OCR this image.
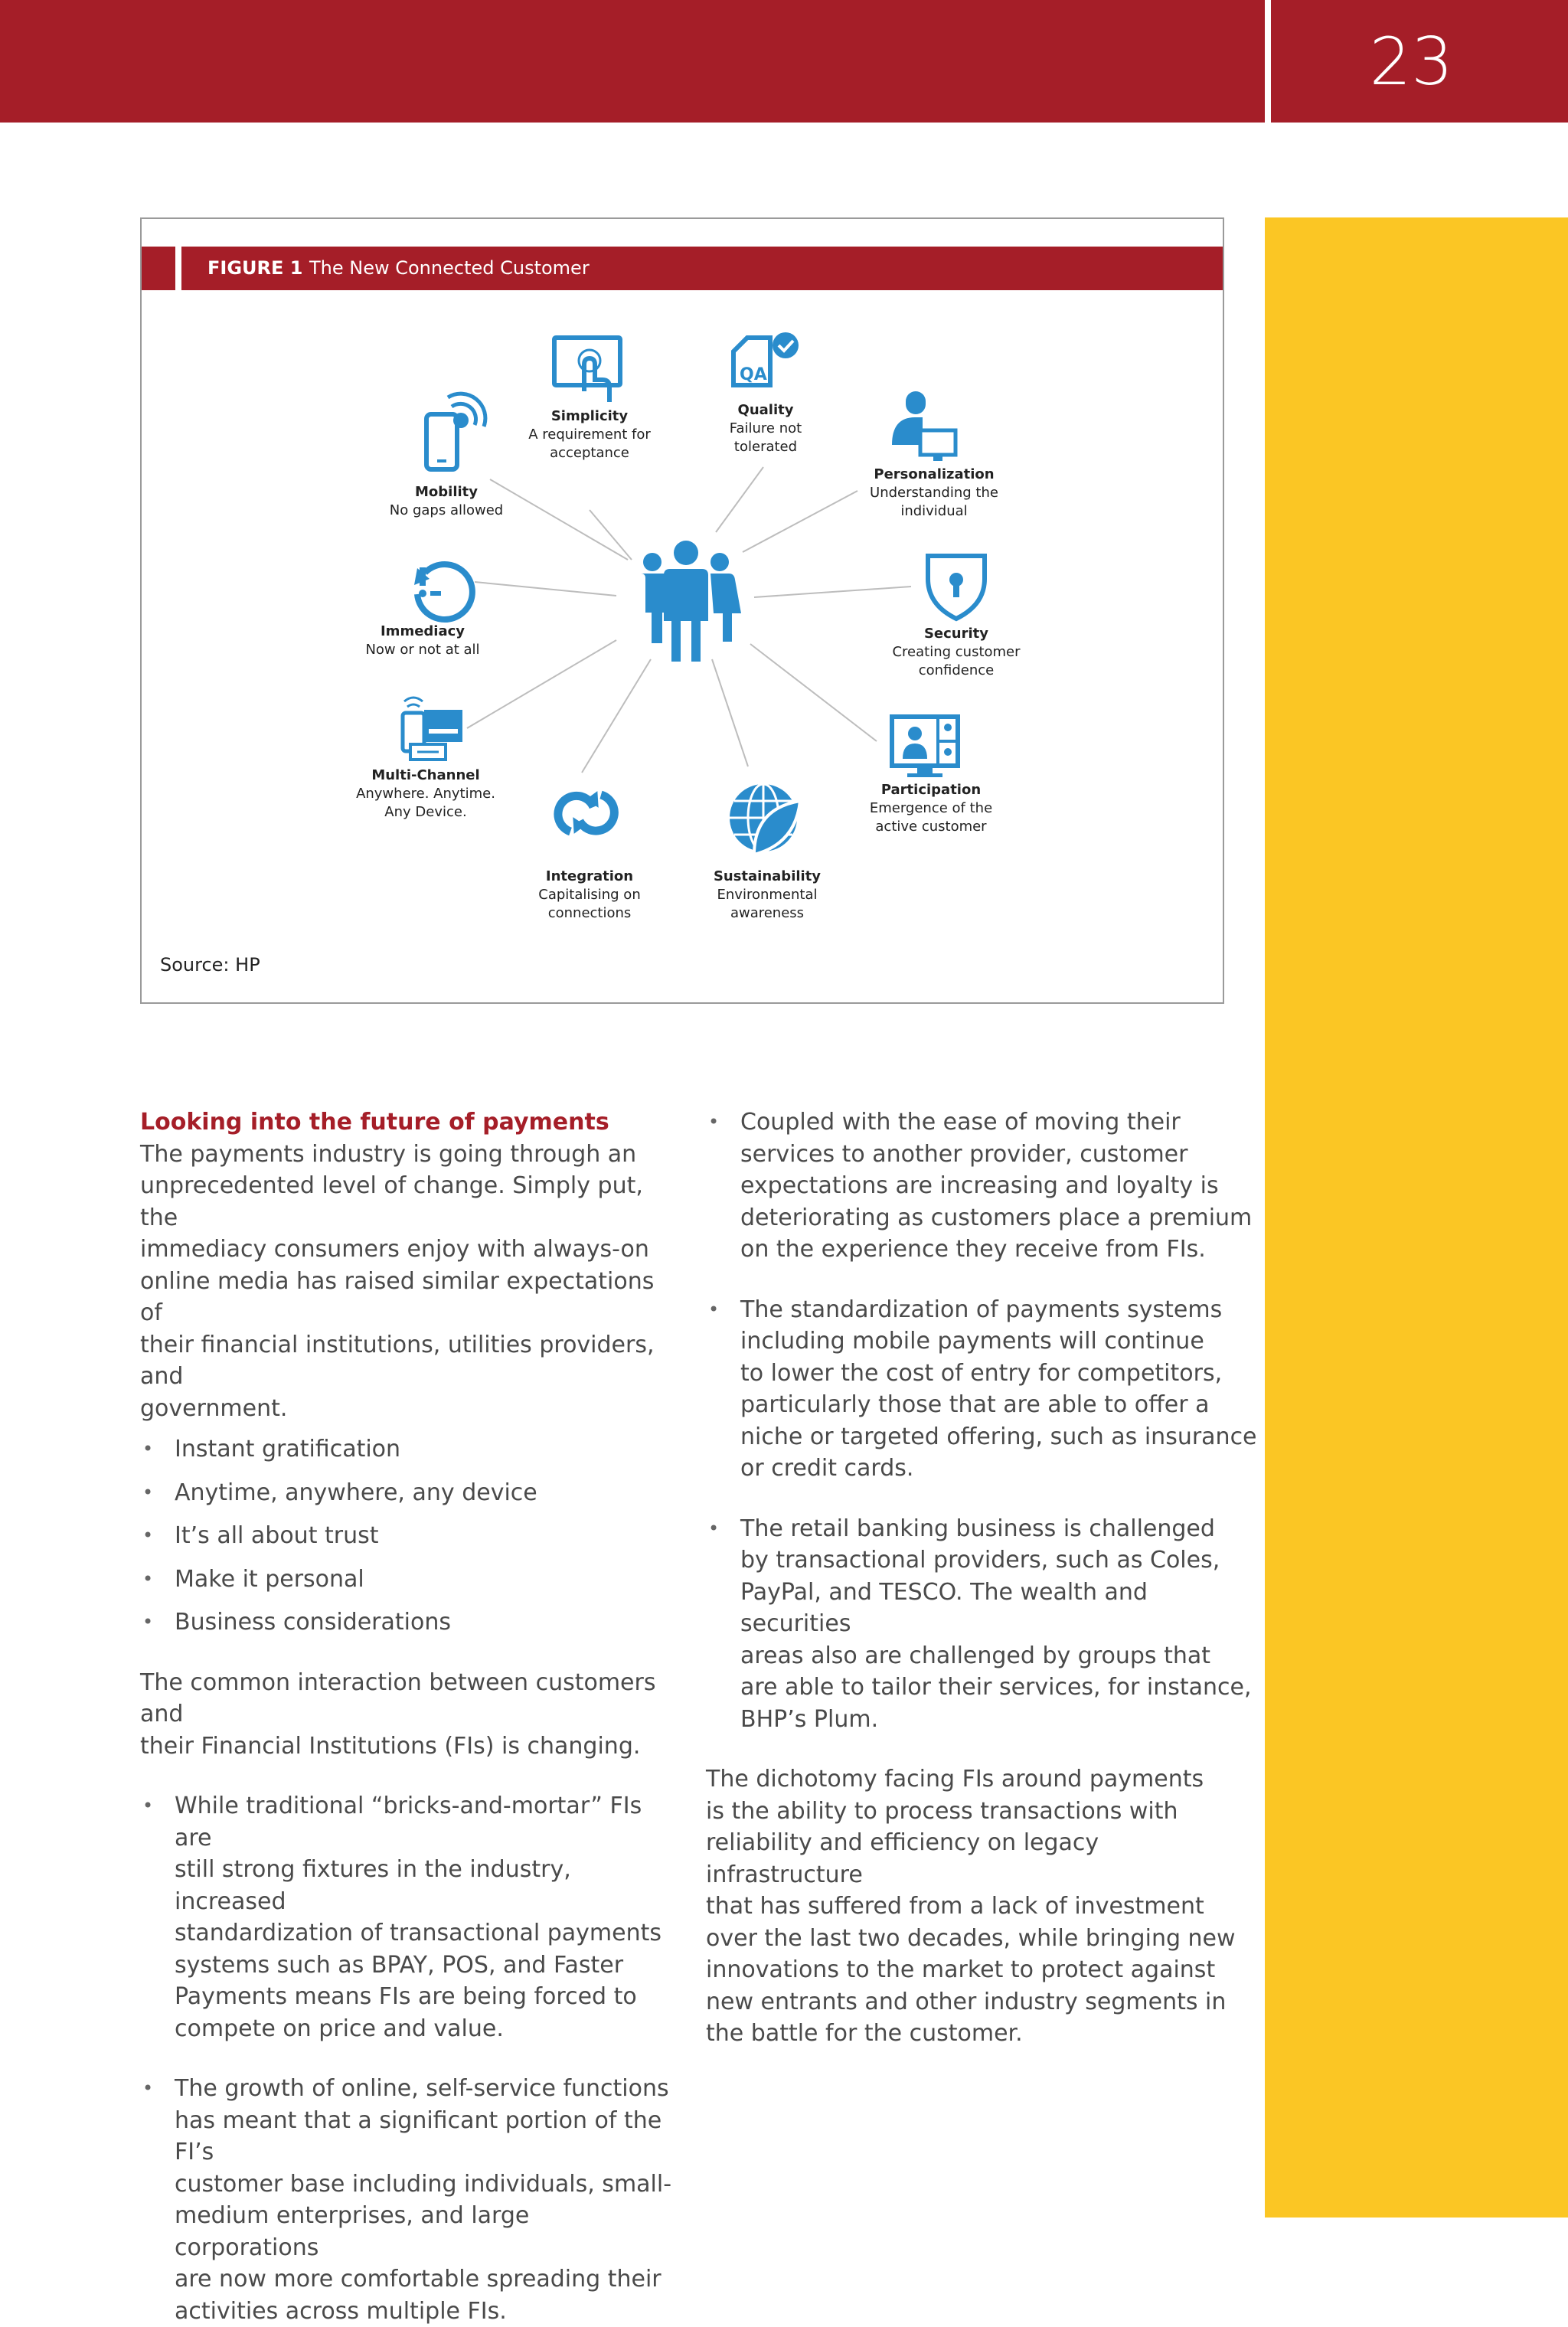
23
FIGURE 1 The New Connected Customer
QA
Simplicity
A requirement for
acceptance
Quality
Failure not
tolerated
Personalization
Understanding the
individual
Security
Creating customer
confidence
Participation
Emergence of the
active customer
Sustainability
Environmental
awareness
Integration
Capitalising on
connections
Multi-Channel
Anywhere. Anytime.
Any Device.
Immediacy
Now or not at all
Mobility
No gaps allowed
Source: HP
Looking into the future of payments

The payments industry is going through an
unprecedented level of change. Simply put, the
immediacy consumers enjoy with always-on
online media has raised similar expectations of
their financial institutions, utilities providers, and
government.

• Instant gratification
• Anytime, anywhere, any device
• It’s all about trust
• Make it personal
• Business considerations

The common interaction between customers and
their Financial Institutions (FIs) is changing.

• While traditional “bricks-and-mortar” FIs are
still strong fixtures in the industry, increased
standardization of transactional payments
systems such as BPAY, POS, and Faster
Payments means FIs are being forced to
compete on price and value.
• The growth of online, self-service functions
has meant that a significant portion of the FI’s
customer base including individuals, small-
medium enterprises, and large corporations
are now more comfortable spreading their
activities across multiple FIs.
• Coupled with the ease of moving their
services to another provider, customer
expectations are increasing and loyalty is
deteriorating as customers place a premium
on the experience they receive from FIs.
• The standardization of payments systems
including mobile payments will continue
to lower the cost of entry for competitors,
particularly those that are able to offer a
niche or targeted offering, such as insurance
or credit cards.
• The retail banking business is challenged
by transactional providers, such as Coles,
PayPal, and TESCO. The wealth and securities
areas also are challenged by groups that
are able to tailor their services, for instance,
BHP’s Plum.

The dichotomy facing FIs around payments
is the ability to process transactions with
reliability and efficiency on legacy infrastructure
that has suffered from a lack of investment
over the last two decades, while bringing new
innovations to the market to protect against
new entrants and other industry segments in
the battle for the customer.
